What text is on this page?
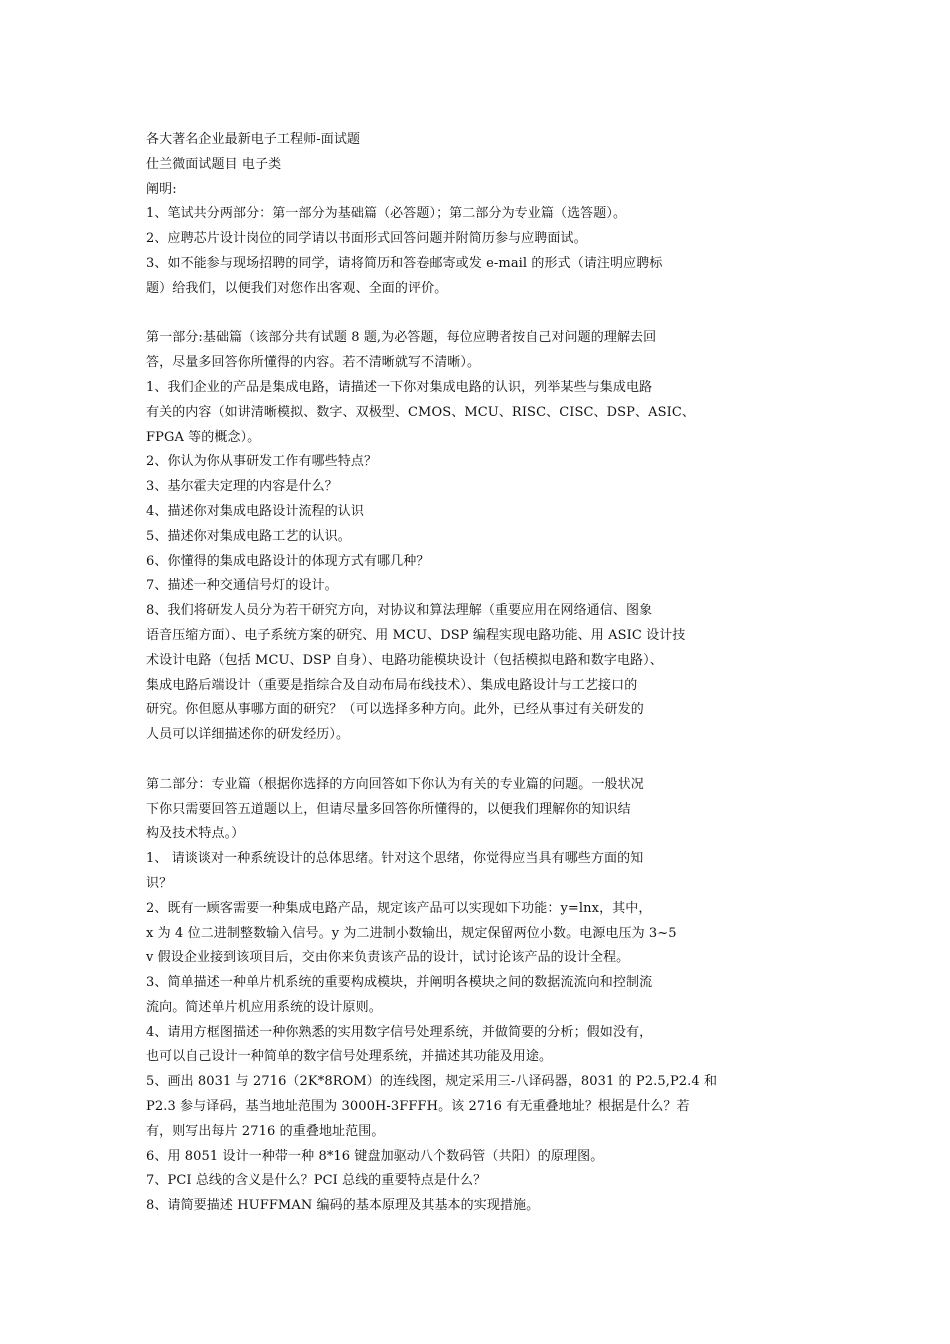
各大著名企业最新电子工程师-面试题
仕兰微面试题目 电子类
阐明:
1、笔试共分两部分：第一部分为基础篇（必答题）；第二部分为专业篇（选答题）。
2、应聘芯片设计岗位的同学请以书面形式回答问题并附简历参与应聘面试。
3、如不能参与现场招聘的同学，请将简历和答卷邮寄或发 e-mail 的形式（请注明应聘标
题）给我们，以便我们对您作出客观、全面的评价。
第一部分:基础篇（该部分共有试题 8 题,为必答题，每位应聘者按自己对问题的理解去回
答，尽量多回答你所懂得的内容。若不清晰就写不清晰）。
1、我们企业的产品是集成电路，请描述一下你对集成电路的认识，列举某些与集成电路
有关的内容（如讲清晰模拟、数字、双极型、CMOS、MCU、RISC、CISC、DSP、ASIC、
FPGA 等的概念）。
2、你认为你从事研发工作有哪些特点？
3、基尔霍夫定理的内容是什么？
4、描述你对集成电路设计流程的认识
5、描述你对集成电路工艺的认识。
6、你懂得的集成电路设计的体现方式有哪几种？
7、描述一种交通信号灯的设计。
8、我们将研发人员分为若干研究方向，对协议和算法理解（重要应用在网络通信、图象
语音压缩方面）、电子系统方案的研究、用 MCU、DSP 编程实现电路功能、用 ASIC 设计技
术设计电路（包括 MCU、DSP 自身）、电路功能模块设计（包括模拟电路和数字电路）、
集成电路后端设计（重要是指综合及自动布局布线技术）、集成电路设计与工艺接口的
研究。你但愿从事哪方面的研究？（可以选择多种方向。此外，已经从事过有关研发的
人员可以详细描述你的研发经历）。
第二部分：专业篇（根据你选择的方向回答如下你认为有关的专业篇的问题。一般状况
下你只需要回答五道题以上，但请尽量多回答你所懂得的，以便我们理解你的知识结
构及技术特点。）
1、 请谈谈对一种系统设计的总体思绪。针对这个思绪，你觉得应当具有哪些方面的知
识？
2、既有一顾客需要一种集成电路产品，规定该产品可以实现如下功能：y=lnx，其中，
x 为 4 位二进制整数输入信号。y 为二进制小数输出，规定保留两位小数。电源电压为 3~5
v 假设企业接到该项目后，交由你来负责该产品的设计，试讨论该产品的设计全程。
3、简单描述一种单片机系统的重要构成模块，并阐明各模块之间的数据流流向和控制流
流向。简述单片机应用系统的设计原则。
4、请用方框图描述一种你熟悉的实用数字信号处理系统，并做简要的分析；假如没有，
也可以自己设计一种简单的数字信号处理系统，并描述其功能及用途。
5、画出 8031 与 2716（2K*8ROM）的连线图，规定采用三-八译码器，8031 的 P2.5,P2.4 和
P2.3 参与译码，基当地址范围为 3000H-3FFFH。该 2716 有无重叠地址？根据是什么？若
有，则写出每片 2716 的重叠地址范围。
6、用 8051 设计一种带一种 8*16 键盘加驱动八个数码管（共阳）的原理图。
7、PCI 总线的含义是什么？PCI 总线的重要特点是什么？
8、请简要描述 HUFFMAN 编码的基本原理及其基本的实现措施。
